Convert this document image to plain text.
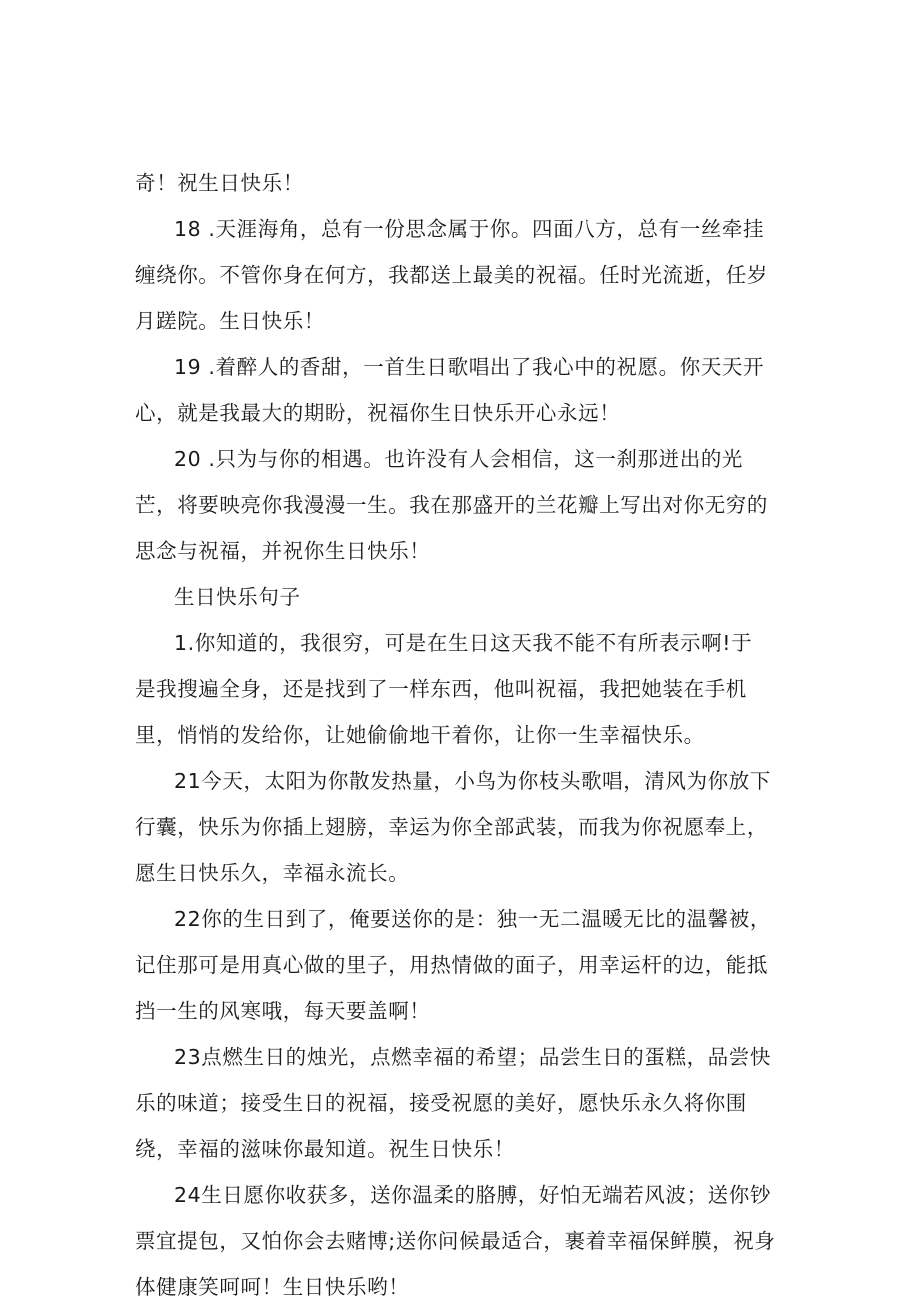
奇！祝生日快乐！
18 .天涯海角，总有一份思念属于你。四面八方，总有一丝牵挂
缠绕你。不管你身在何方，我都送上最美的祝福。任时光流逝，任岁
月蹉院。生日快乐！
19 .着醉人的香甜，一首生日歌唱出了我心中的祝愿。你天天开
心，就是我最大的期盼，祝福你生日快乐开心永远！
20 .只为与你的相遇。也许没有人会相信，这一刹那迸出的光
芒，将要映亮你我漫漫一生。我在那盛开的兰花瓣上写出对你无穷的
思念与祝福，并祝你生日快乐！
生日快乐句子
1.你知道的，我很穷，可是在生日这天我不能不有所表示啊!于
是我搜遍全身，还是找到了一样东西，他叫祝福，我把她装在手机
里，悄悄的发给你，让她偷偷地干着你，让你一生幸福快乐。
21今天，太阳为你散发热量，小鸟为你枝头歌唱，清风为你放下
行囊，快乐为你插上翅膀，幸运为你全部武装，而我为你祝愿奉上，
愿生日快乐久，幸福永流长。
22你的生日到了，俺要送你的是：独一无二温暖无比的温馨被，
记住那可是用真心做的里子，用热情做的面子，用幸运杆的边，能抵
挡一生的风寒哦，每天要盖啊！
23点燃生日的烛光，点燃幸福的希望；品尝生日的蛋糕，品尝快
乐的味道；接受生日的祝福，接受祝愿的美好，愿快乐永久将你围
绕，幸福的滋味你最知道。祝生日快乐！
24生日愿你收获多，送你温柔的胳膊，好怕无端若风波；送你钞
票宜提包，又怕你会去赌博;送你问候最适合，裹着幸福保鲜膜，祝身
体健康笑呵呵！生日快乐哟！
